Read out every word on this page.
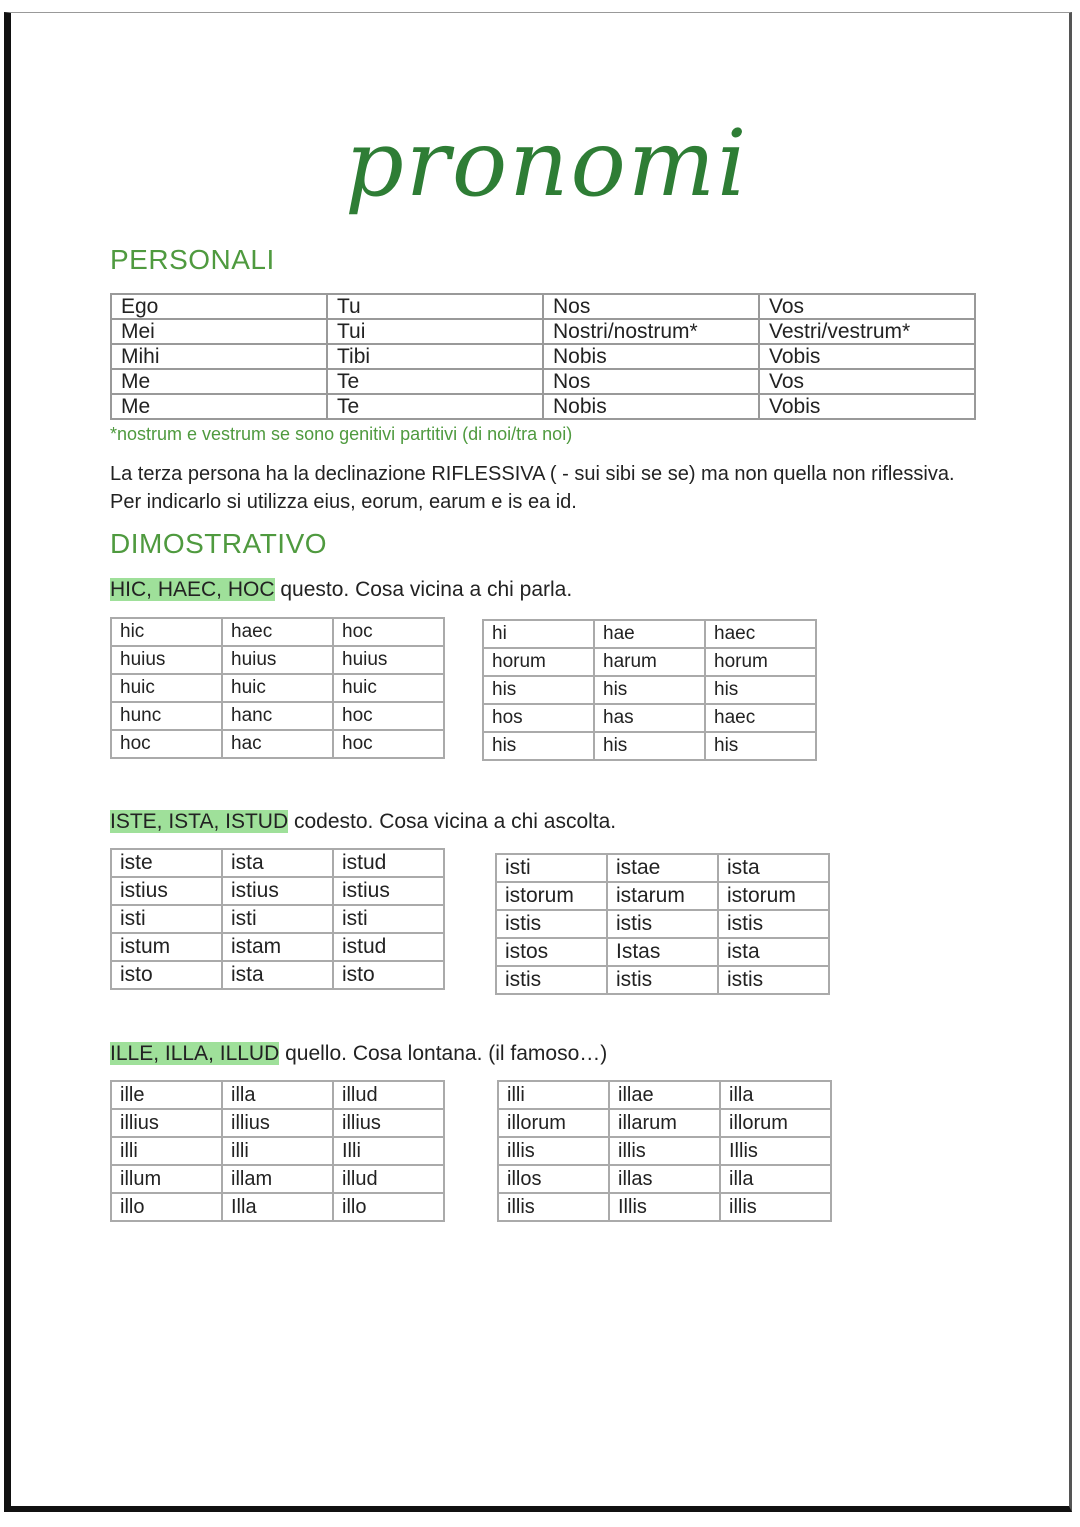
pronomi
PERSONALI
Ego	Tu	Nos	Vos
Mei	Tui	Nostri/nostrum*	Vestri/vestrum*
Mihi	Tibi	Nobis	Vobis
Me	Te	Nos	Vos
Me	Te	Nobis	Vobis
*nostrum e vestrum se sono genitivi partitivi (di noi/tra noi)
La terza persona ha la declinazione RIFLESSIVA ( - sui sibi se se) ma non quella non riflessiva. Per indicarlo si utilizza eius, eorum, earum e is ea id.
DIMOSTRATIVO
HIC, HAEC, HOC questo. Cosa vicina a chi parla.
hic	haec	hoc
huius	huius	huius
huic	huic	huic
hunc	hanc	hoc
hoc	hac	hoc
hi	hae	haec
horum	harum	horum
his	his	his
hos	has	haec
his	his	his
ISTE, ISTA, ISTUD codesto. Cosa vicina a chi ascolta.
iste	ista	istud
istius	istius	istius
isti	isti	isti
istum	istam	istud
isto	ista	isto
isti	istae	ista
istorum	istarum	istorum
istis	istis	istis
istos	Istas	ista
istis	istis	istis
ILLE, ILLA, ILLUD quello. Cosa lontana. (il famoso…)
ille	illa	illud
illius	illius	illius
illi	illi	Illi
illum	illam	illud
illo	Illa	illo
illi	illae	illa
illorum	illarum	illorum
illis	illis	Illis
illos	illas	illa
illis	Illis	illis
